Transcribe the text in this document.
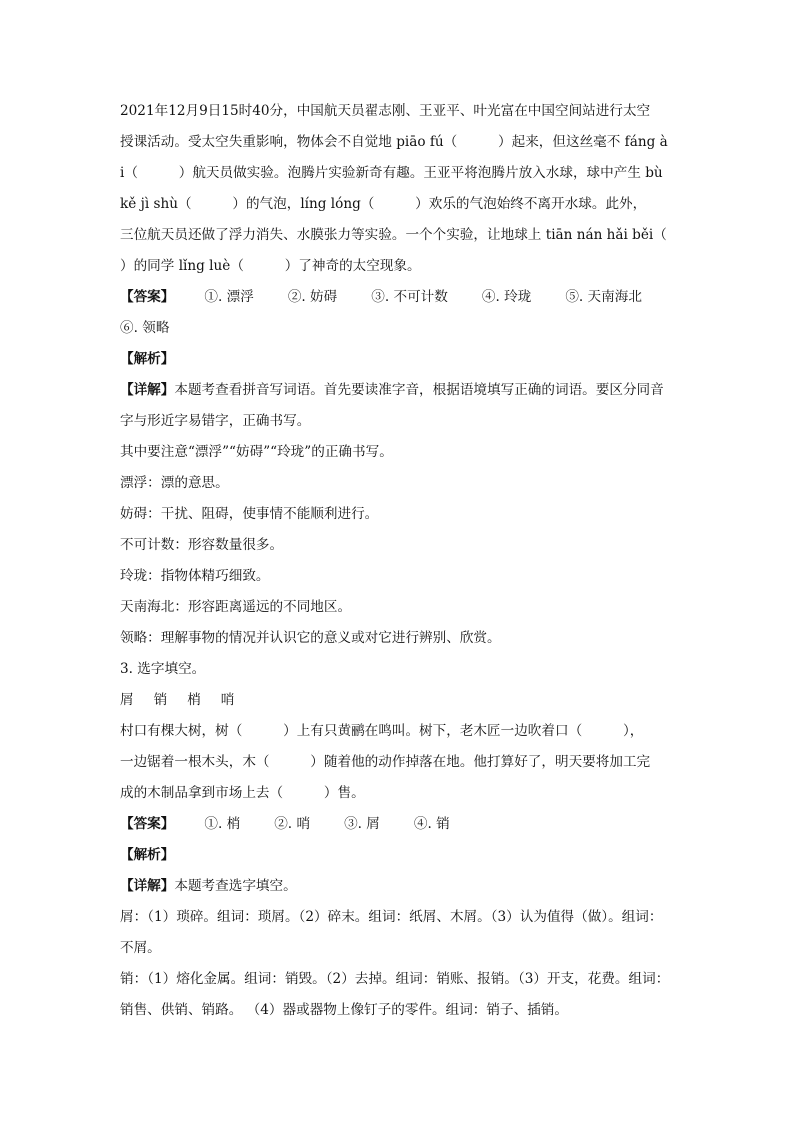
2021年12月9日15时40分，中国航天员翟志刚、王亚平、叶光富在中国空间站进行太空
授课活动。受太空失重影响，物体会不自觉地 piāo fú（　　　）起来，但这丝毫不 fáng à
i（　　　）航天员做实验。泡腾片实验新奇有趣。王亚平将泡腾片放入水球，球中产生 bù
kě jì shù（　　　）的气泡，líng lóng（　　　）欢乐的气泡始终不离开水球。此外，
三位航天员还做了浮力消失、水膜张力等实验。一个个实验，让地球上 tiān nán hǎi běi（
）的同学 lǐng luè（　　　）了神奇的太空现象。
【答案】 ①. 漂浮	②. 妨碍	③. 不可计数	④. 玲珑	⑤. 天南海北
⑥. 领略
【解析】
【详解】本题考查看拼音写词语。首先要读准字音，根据语境填写正确的词语。要区分同音
字与形近字易错字，正确书写。
其中要注意“漂浮”“妨碍”“玲珑”的正确书写。
漂浮：漂的意思。
妨碍：干扰、阻碍，使事情不能顺利进行。
不可计数：形容数量很多。
玲珑：指物体精巧细致。
天南海北：形容距离遥远的不同地区。
领略：理解事物的情况并认识它的意义或对它进行辨别、欣赏。
3. 选字填空。
屑 销 梢 哨
村口有棵大树，树（　　　）上有只黄鹂在鸣叫。树下，老木匠一边吹着口（　　　），
一边锯着一根木头，木（　　　）随着他的动作掉落在地。他打算好了，明天要将加工完
成的木制品拿到市场上去（　　　）售。
【答案】 ①. 梢	②. 哨	③. 屑	④. 销
【解析】
【详解】本题考查选字填空。
屑：（1）琐碎。组词：琐屑。（2）碎末。组词：纸屑、木屑。（3）认为值得（做）。组词：
不屑。
销：（1）熔化金属。组词：销毁。（2）去掉。组词：销账、报销。（3）开支，花费。组词：
销售、供销、销路。 （4）器或器物上像钉子的零件。组词：销子、插销。
